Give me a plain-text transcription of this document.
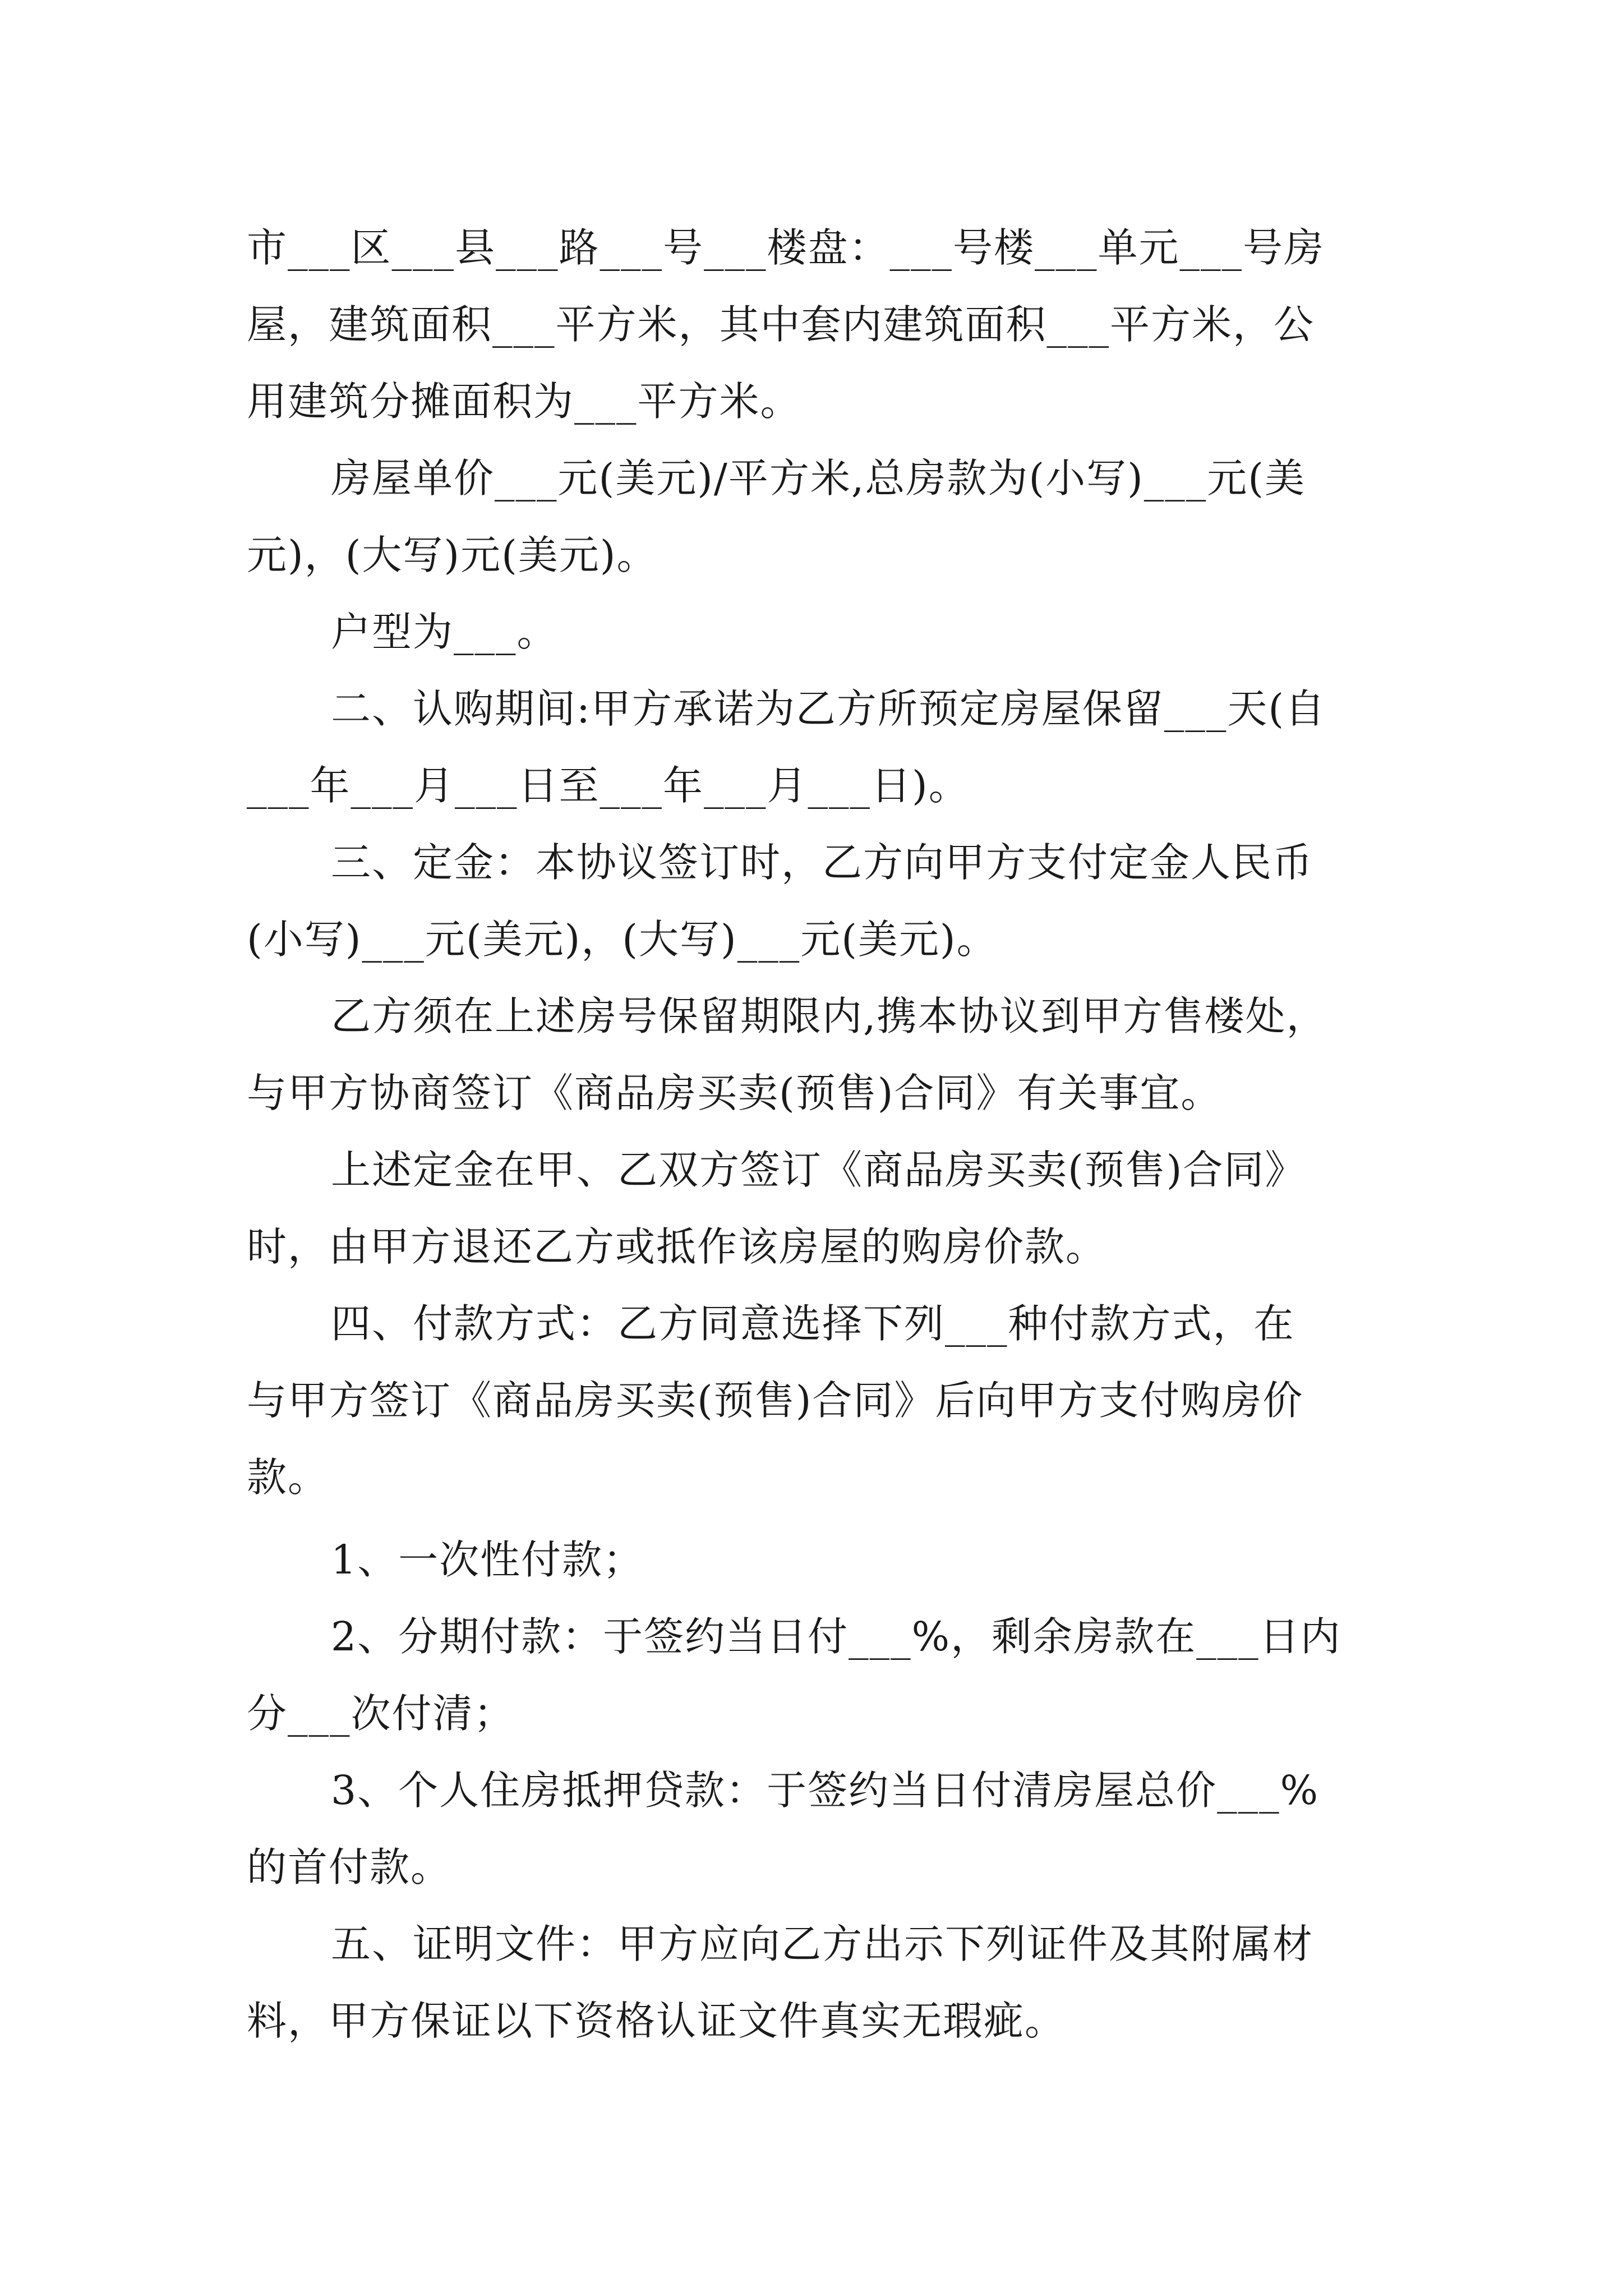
市___区___县___路___号___楼盘：___号楼___单元___号房
屋，建筑面积___平方米，其中套内建筑面积___平方米，公
用建筑分摊面积为___平方米。
房屋单价___元(美元)/平方米,总房款为(小写)___元(美
元)，(大写)元(美元)。
户型为___。
二、认购期间:甲方承诺为乙方所预定房屋保留___天(自
___年___月___日至___年___月___日)。
三、定金：本协议签订时，乙方向甲方支付定金人民币
(小写)___元(美元)，(大写)___元(美元)。
乙方须在上述房号保留期限内,携本协议到甲方售楼处，
与甲方协商签订《商品房买卖(预售)合同》有关事宜。
上述定金在甲、乙双方签订《商品房买卖(预售)合同》
时，由甲方退还乙方或抵作该房屋的购房价款。
四、付款方式：乙方同意选择下列___种付款方式，在
与甲方签订《商品房买卖(预售)合同》后向甲方支付购房价
款。
1、一次性付款；
2、分期付款：于签约当日付___%，剩余房款在___日内
分___次付清；
3、个人住房抵押贷款：于签约当日付清房屋总价___%
的首付款。
五、证明文件：甲方应向乙方出示下列证件及其附属材
料，甲方保证以下资格认证文件真实无瑕疵。
